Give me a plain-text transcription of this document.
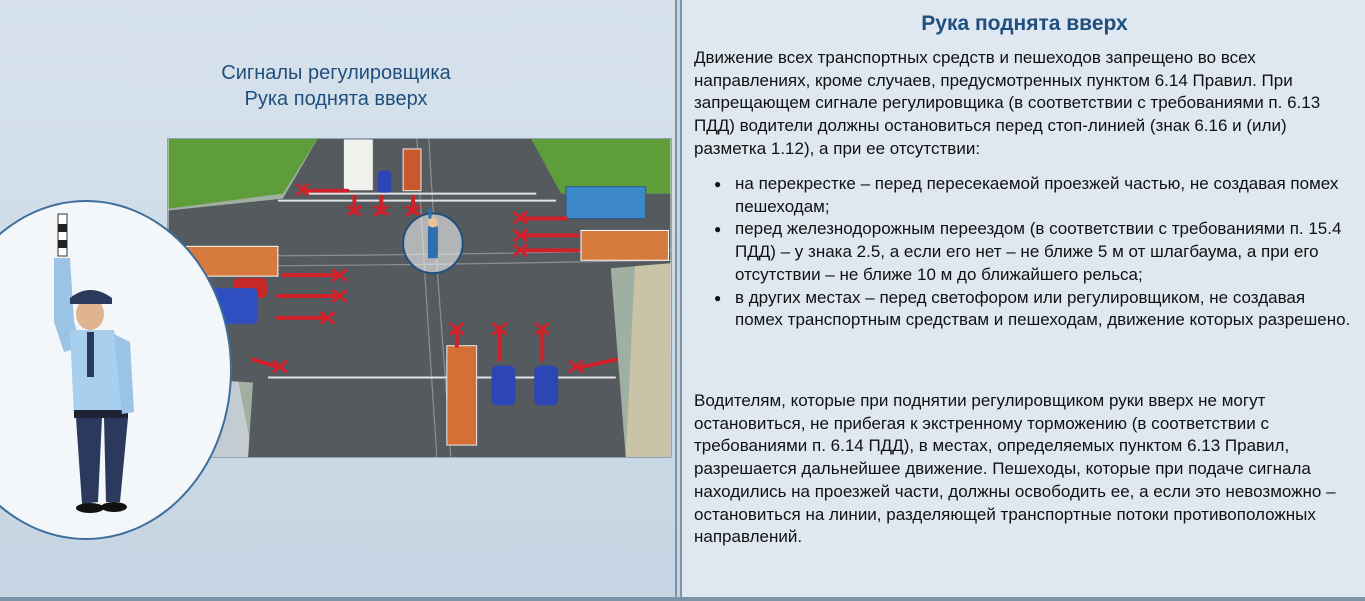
Сигналы регулировщика
Рука поднята вверх
Рука поднята вверх

Движение всех транспортных средств и пешеходов запрещено во всех направлениях, кроме случаев, предусмотренных пунктом 6.14 Правил. При запрещающем сигнале регулировщика (в соответствии с требованиями п. 6.13 ПДД) водители должны остановиться перед стоп-линией (знак 6.16 и (или) разметка 1.12), а при ее отсутствии:

● на перекрестке – перед пересекаемой проезжей частью, не создавая помех пешеходам;
● перед железнодорожным переездом (в соответствии с требованиями п. 15.4 ПДД) – у знака 2.5, а если его нет – не ближе 5 м от шлагбаума, а при его отсутствии – не ближе 10 м до ближайшего рельса;
● в других местах – перед светофором или регулировщиком, не создавая помех транспортным средствам и пешеходам, движение которых разрешено.

Водителям, которые при поднятии регулировщиком руки вверх не могут остановиться, не прибегая к экстренному торможению (в соответствии с требованиями п. 6.14 ПДД), в местах, определяемых пунктом 6.13 Правил, разрешается дальнейшее движение. Пешеходы, которые при подаче сигнала находились на проезжей части, должны освободить ее, а если это невозможно – остановиться на линии, разделяющей транспортные потоки противоположных направлений.
